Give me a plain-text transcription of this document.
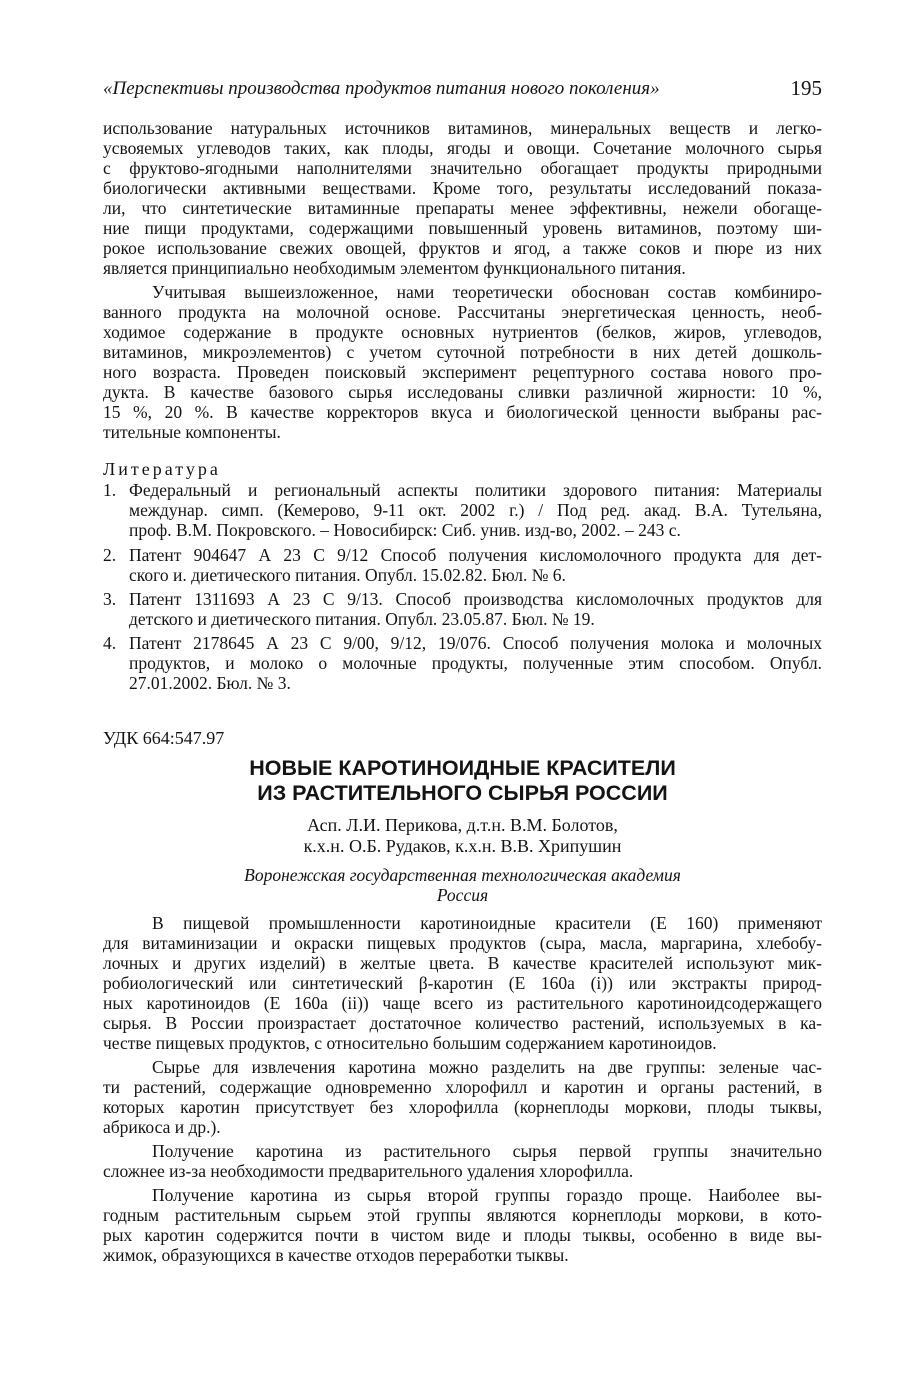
«Перспективы производства продуктов питания нового поколения»	195
использование натуральных источников витаминов, минеральных веществ и легко-
усвояемых углеводов таких, как плоды, ягоды и овощи. Сочетание молочного сырья
с фруктово-ягодными наполнителями значительно обогащает продукты природными
биологически активными веществами. Кроме того, результаты исследований показа-
ли, что синтетические витаминные препараты менее эффективны, нежели обогаще-
ние пищи продуктами, содержащими повышенный уровень витаминов, поэтому ши-
рокое использование свежих овощей, фруктов и ягод, а также соков и пюре из них
является принципиально необходимым элементом функционального питания.
Учитывая вышеизложенное, нами теоретически обоснован состав комбиниро-
ванного продукта на молочной основе. Рассчитаны энергетическая ценность, необ-
ходимое содержание в продукте основных нутриентов (белков, жиров, углеводов,
витаминов, микроэлементов) с учетом суточной потребности в них детей дошколь-
ного возраста. Проведен поисковый эксперимент рецептурного состава нового про-
дукта. В качестве базового сырья исследованы сливки различной жирности: 10 %,
15 %, 20 %. В качестве корректоров вкуса и биологической ценности выбраны рас-
тительные компоненты.
Литература
1. Федеральный и региональный аспекты политики здорового питания: Материалы
междунар. симп. (Кемерово, 9-11 окт. 2002 г.) / Под ред. акад. В.А. Тутельяна,
проф. В.М. Покровского. – Новосибирск: Сиб. унив. изд-во, 2002. – 243 с.
2. Патент 904647 А 23 С 9/12 Способ получения кисломолочного продукта для дет-
ского и. диетического питания. Опубл. 15.02.82. Бюл. № 6.
3. Патент 1311693 А 23 С 9/13. Способ производства кисломолочных продуктов для
детского и диетического питания. Опубл. 23.05.87. Бюл. № 19.
4. Патент 2178645 А 23 С 9/00, 9/12, 19/076. Способ получения молока и молочных
продуктов, и молоко о молочные продукты, полученные этим способом. Опубл.
27.01.2002. Бюл. № 3.
УДК 664:547.97
НОВЫЕ КАРОТИНОИДНЫЕ КРАСИТЕЛИ
ИЗ РАСТИТЕЛЬНОГО СЫРЬЯ РОССИИ
Асп. Л.И. Перикова, д.т.н. В.М. Болотов,
к.х.н. О.Б. Рудаков, к.х.н. В.В. Хрипушин
Воронежская государственная технологическая академия
Россия
В пищевой промышленности каротиноидные красители (Е 160) применяют
для витаминизации и окраски пищевых продуктов (сыра, масла, маргарина, хлебобу-
лочных и других изделий) в желтые цвета. В качестве красителей используют мик-
робиологический или синтетический β-каротин (Е 160а (i)) или экстракты природ-
ных каротиноидов (Е 160а (ii)) чаще всего из растительного каротиноидсодержащего
сырья. В России произрастает достаточное количество растений, используемых в ка-
честве пищевых продуктов, с относительно большим содержанием каротиноидов.
Сырье для извлечения каротина можно разделить на две группы: зеленые час-
ти растений, содержащие одновременно хлорофилл и каротин и органы растений, в
которых каротин присутствует без хлорофилла (корнеплоды моркови, плоды тыквы,
абрикоса и др.).
Получение каротина из растительного сырья первой группы значительно
сложнее из-за необходимости предварительного удаления хлорофилла.
Получение каротина из сырья второй группы гораздо проще. Наиболее вы-
годным растительным сырьем этой группы являются корнеплоды моркови, в кото-
рых каротин содержится почти в чистом виде и плоды тыквы, особенно в виде вы-
жимок, образующихся в качестве отходов переработки тыквы.
